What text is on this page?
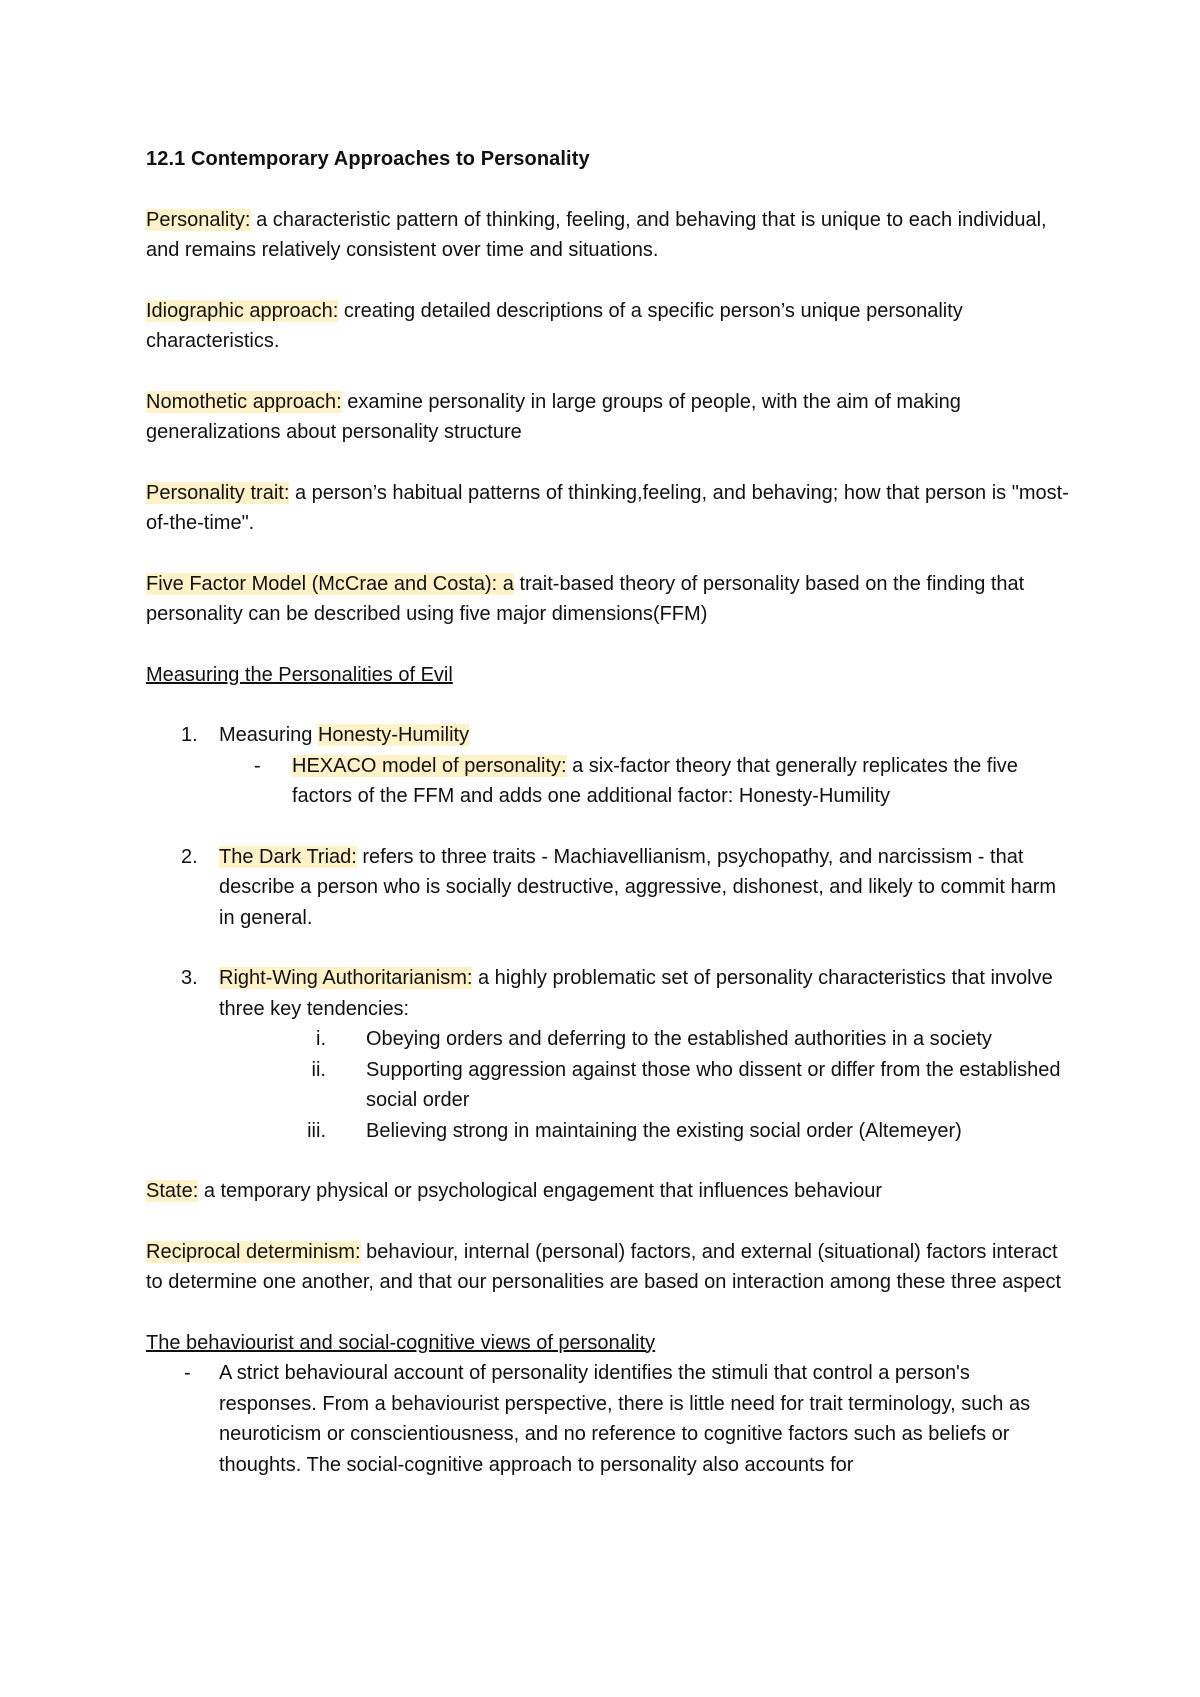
12.1 Contemporary Approaches to Personality

Personality: a characteristic pattern of thinking, feeling, and behaving that is unique to each individual, and remains relatively consistent over time and situations.

Idiographic approach: creating detailed descriptions of a specific person’s unique personality characteristics.

Nomothetic approach: examine personality in large groups of people, with the aim of making generalizations about personality structure

Personality trait: a person’s habitual patterns of thinking,feeling, and behaving; how that person is "most-of-the-time".

Five Factor Model (McCrae and Costa): a trait-based theory of personality based on the finding that personality can be described using five major dimensions(FFM)

Measuring the Personalities of Evil

1. Measuring Honesty-Humility
- HEXACO model of personality: a six-factor theory that generally replicates the five factors of the FFM and adds one additional factor: Honesty-Humility
2. The Dark Triad: refers to three traits - Machiavellianism, psychopathy, and narcissism - that describe a person who is socially destructive, aggressive, dishonest, and likely to commit harm in general.
3. Right-Wing Authoritarianism: a highly problematic set of personality characteristics that involve three key tendencies:
i. Obeying orders and deferring to the established authorities in a society
ii. Supporting aggression against those who dissent or differ from the established social order
iii. Believing strong in maintaining the existing social order (Altemeyer)

State: a temporary physical or psychological engagement that influences behaviour

Reciprocal determinism: behaviour, internal (personal) factors, and external (situational) factors interact to determine one another, and that our personalities are based on interaction among these three aspect

The behaviourist and social-cognitive views of personality
- A strict behavioural account of personality identifies the stimuli that control a person's responses. From a behaviourist perspective, there is little need for trait terminology, such as neuroticism or conscientiousness, and no reference to cognitive factors such as beliefs or thoughts. The social-cognitive approach to personality also accounts for
